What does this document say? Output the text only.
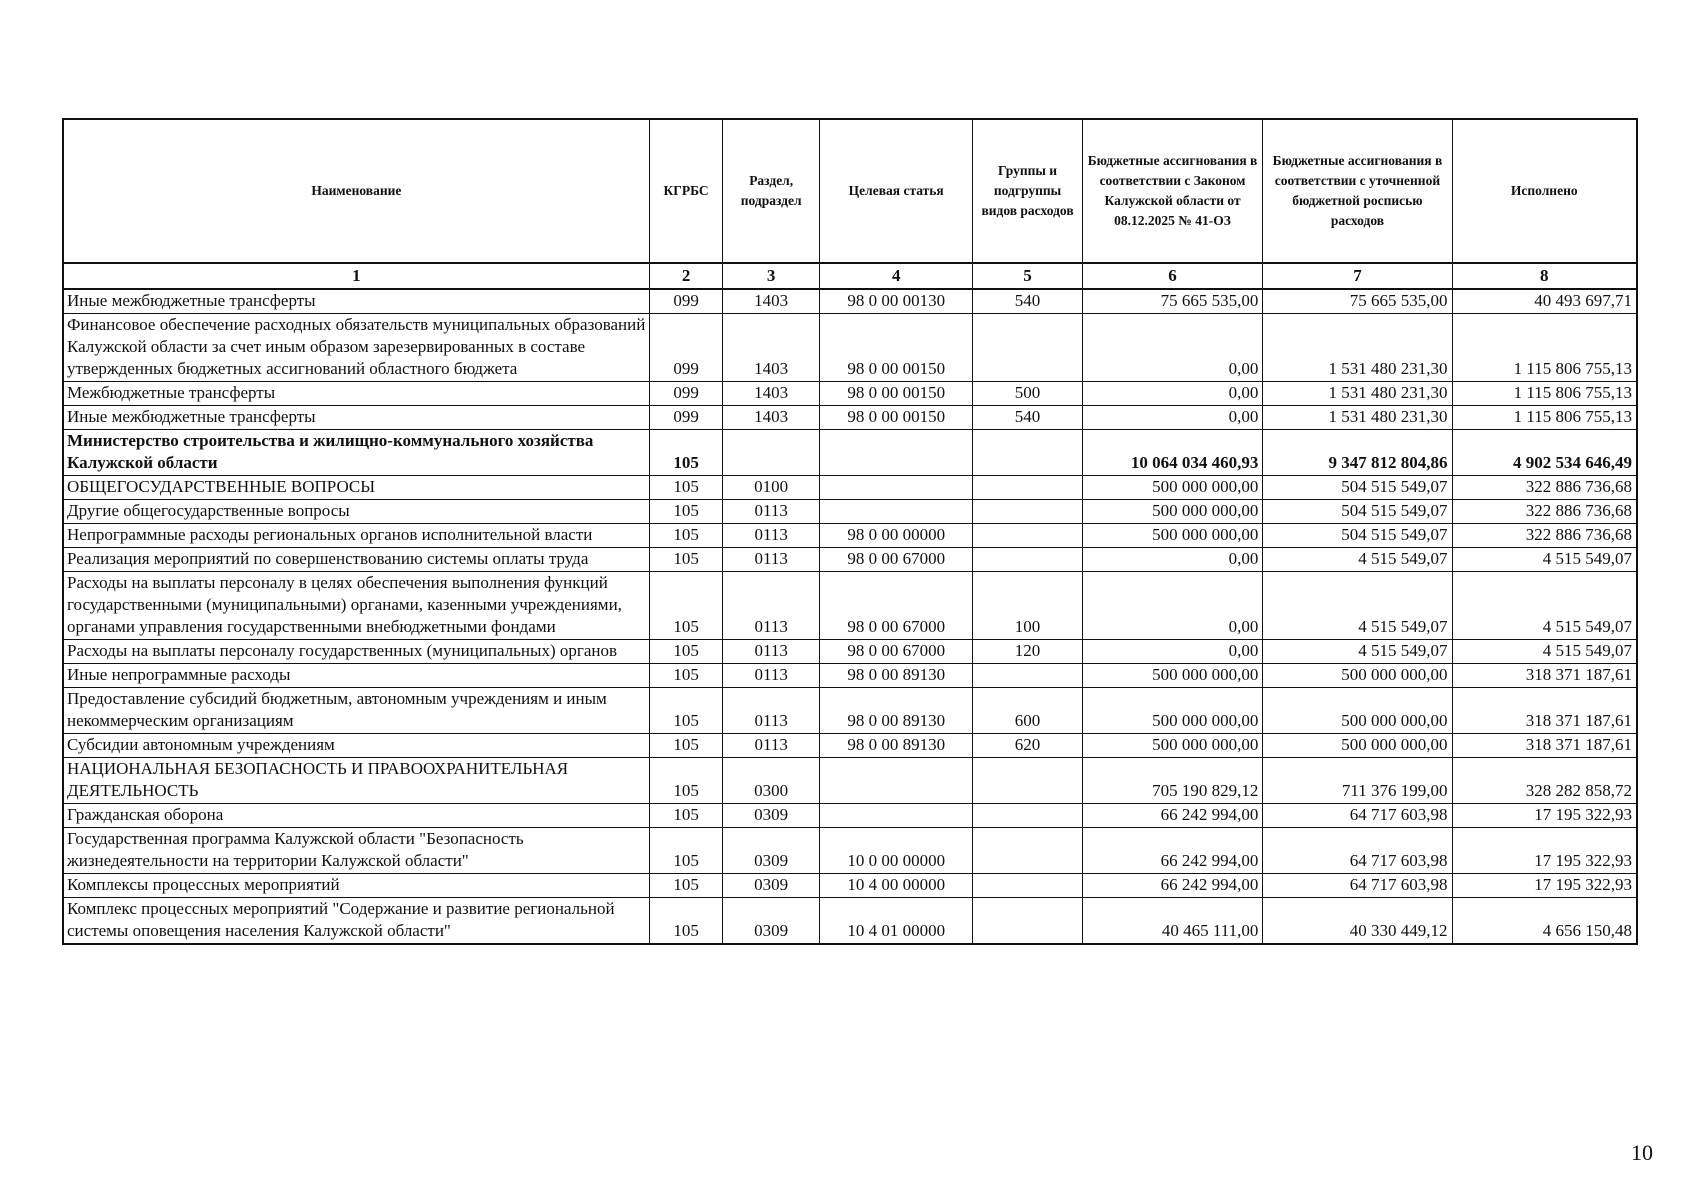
Наименование	КГРБС	Раздел, подраздел	Целевая статья	Группы и подгруппы видов расходов	Бюджетные ассигнования в соответствии с Законом Калужской области от 08.12.2025 № 41-ОЗ	Бюджетные ассигнования в соответствии с уточненной бюджетной росписью расходов	Исполнено
1	2	3	4	5	6	7	8
Иные межбюджетные трансферты	099	1403	98 0 00 00130	540	75 665 535,00	75 665 535,00	40 493 697,71
Финансовое обеспечение расходных обязательств муниципальных образований Калужской области за счет иным образом зарезервированных в составе утвержденных бюджетных ассигнований областного бюджета	099	1403	98 0 00 00150		0,00	1 531 480 231,30	1 115 806 755,13
Межбюджетные трансферты	099	1403	98 0 00 00150	500	0,00	1 531 480 231,30	1 115 806 755,13
Иные межбюджетные трансферты	099	1403	98 0 00 00150	540	0,00	1 531 480 231,30	1 115 806 755,13
Министерство строительства и жилищно-коммунального хозяйства Калужской области	105				10 064 034 460,93	9 347 812 804,86	4 902 534 646,49
ОБЩЕГОСУДАРСТВЕННЫЕ ВОПРОСЫ	105	0100			500 000 000,00	504 515 549,07	322 886 736,68
Другие общегосударственные вопросы	105	0113			500 000 000,00	504 515 549,07	322 886 736,68
Непрограммные расходы региональных органов исполнительной власти	105	0113	98 0 00 00000		500 000 000,00	504 515 549,07	322 886 736,68
Реализация мероприятий по совершенствованию системы оплаты труда	105	0113	98 0 00 67000		0,00	4 515 549,07	4 515 549,07
Расходы на выплаты персоналу в целях обеспечения выполнения функций государственными (муниципальными) органами, казенными учреждениями, органами управления государственными внебюджетными фондами	105	0113	98 0 00 67000	100	0,00	4 515 549,07	4 515 549,07
Расходы на выплаты персоналу государственных (муниципальных) органов	105	0113	98 0 00 67000	120	0,00	4 515 549,07	4 515 549,07
Иные непрограммные расходы	105	0113	98 0 00 89130		500 000 000,00	500 000 000,00	318 371 187,61
Предоставление субсидий бюджетным, автономным учреждениям и иным некоммерческим организациям	105	0113	98 0 00 89130	600	500 000 000,00	500 000 000,00	318 371 187,61
Субсидии автономным учреждениям	105	0113	98 0 00 89130	620	500 000 000,00	500 000 000,00	318 371 187,61
НАЦИОНАЛЬНАЯ БЕЗОПАСНОСТЬ И ПРАВООХРАНИТЕЛЬНАЯ ДЕЯТЕЛЬНОСТЬ	105	0300			705 190 829,12	711 376 199,00	328 282 858,72
Гражданская оборона	105	0309			66 242 994,00	64 717 603,98	17 195 322,93
Государственная программа Калужской области "Безопасность жизнедеятельности на территории Калужской области"	105	0309	10 0 00 00000		66 242 994,00	64 717 603,98	17 195 322,93
Комплексы процессных мероприятий	105	0309	10 4 00 00000		66 242 994,00	64 717 603,98	17 195 322,93
Комплекс процессных мероприятий "Содержание и развитие региональной системы оповещения населения Калужской области"	105	0309	10 4 01 00000		40 465 111,00	40 330 449,12	4 656 150,48
10
